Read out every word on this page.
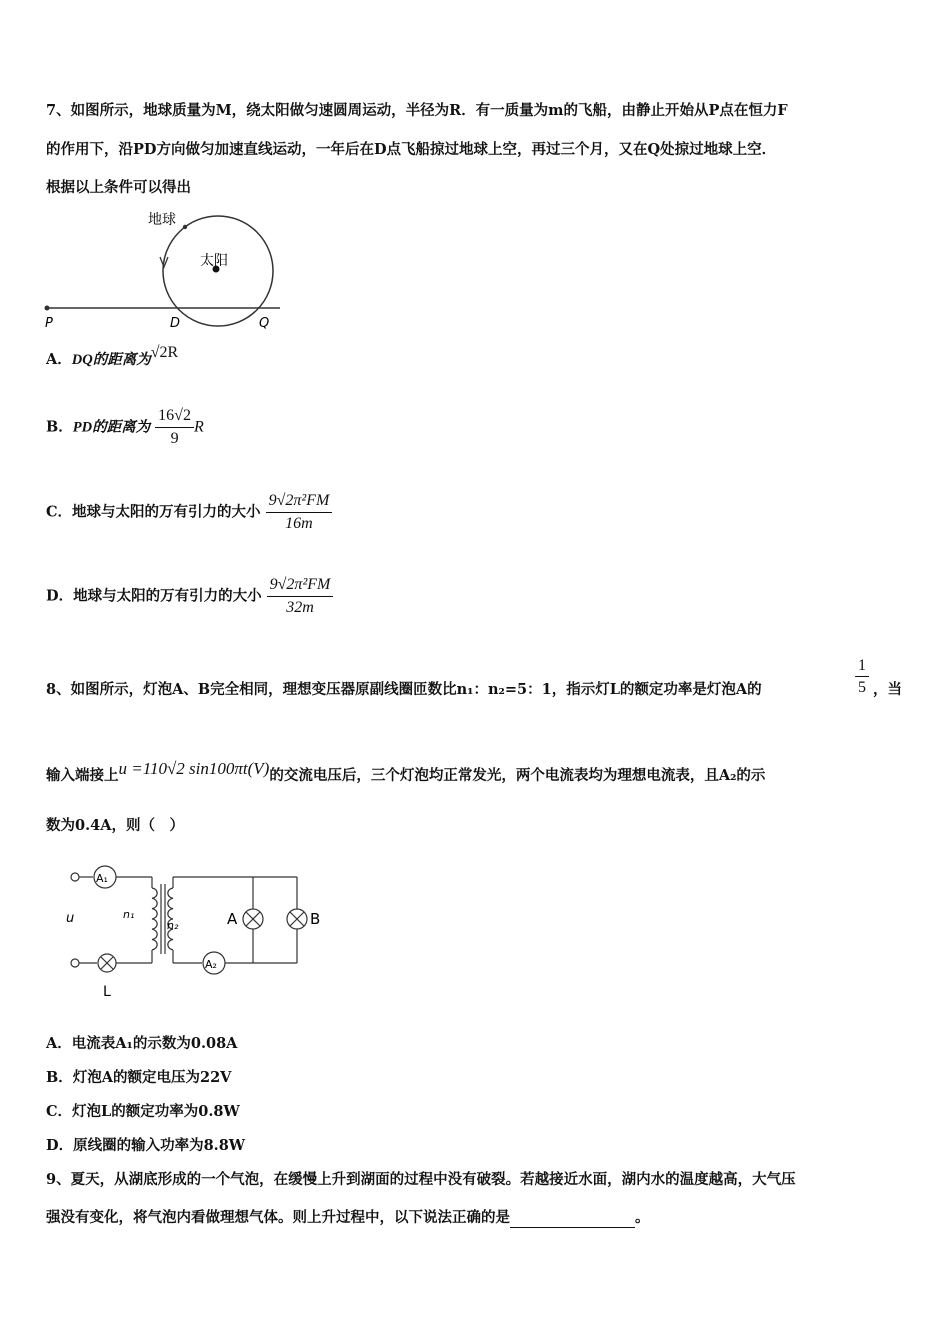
7、如图所示，地球质量为M，绕太阳做匀速圆周运动，半径为R．有一质量为m的飞船，由静止开始从P点在恒力F
的作用下，沿PD方向做匀加速直线运动，一年后在D点飞船掠过地球上空，再过三个月，又在Q处掠过地球上空．
根据以上条件可以得出
地球
太阳
P	D	Q
A．DQ的距离为√2R
B．PD的距离为 $\frac{16√2}{9}$ R
C．地球与太阳的万有引力的大小 $\frac{\text{9√2π²FM}}{16m}$
D．地球与太阳的万有引力的大小 $\frac{\text{9√2π²FM}}{32m}$
8、如图所示，灯泡A、B完全相同，理想变压器原副线圈匝数比n₁：n₂=5：1，指示灯L的额定功率是灯泡A的	$\frac{1}{5}$ ，当
输入端接上u =110√2 sin100πt(V)的交流电压后，三个灯泡均正常发光，两个电流表均为理想电流表，且A₂的示
数为0.4A，则（　）
u
A₁
L
n₁
n₂
A₂
A	B
A．电流表A₁的示数为0.08A
B．灯泡A的额定电压为22V
C．灯泡L的额定功率为0.8W
D．原线圈的输入功率为8.8W
9、夏天，从湖底形成的一个气泡，在缓慢上升到湖面的过程中没有破裂。若越接近水面，湖内水的温度越高，大气压
强没有变化，将气泡内看做理想气体。则上升过程中，以下说法正确的是	。
